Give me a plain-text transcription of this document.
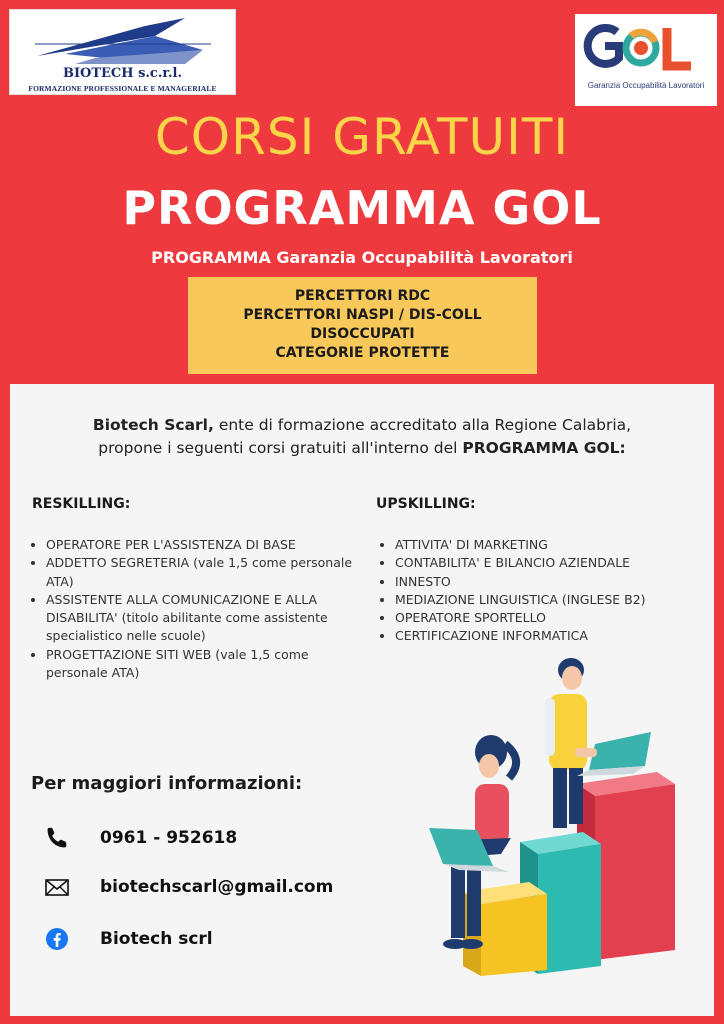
BIOTECH s.c.r.l.
FORMAZIONE PROFESSIONALE E MANAGERIALE	Garanzia Occupabilità Lavoratori
CORSI GRATUITI
PROGRAMMA GOL
PROGRAMMA Garanzia Occupabilità Lavoratori
PERCETTORI RDC
PERCETTORI NASPI / DIS-COLL
DISOCCUPATI
CATEGORIE PROTETTE
Biotech Scarl, ente di formazione accreditato alla Regione Calabria,
propone i seguenti corsi gratuiti all'interno del PROGRAMMA GOL:
RESKILLING:	UPSKILLING:
• OPERATORE PER L'ASSISTENZA DI BASE
• ADDETTO SEGRETERIA (vale 1,5 come personale ATA)
• ASSISTENTE ALLA COMUNICAZIONE E ALLA DISABILITA' (titolo abilitante come assistente specialistico nelle scuole)
• PROGETTAZIONE SITI WEB (vale 1,5 come personale ATA)
• ATTIVITA' DI MARKETING
• CONTABILITA' E BILANCIO AZIENDALE
• INNESTO
• MEDIAZIONE LINGUISTICA (INGLESE B2)
• OPERATORE SPORTELLO
• CERTIFICAZIONE INFORMATICA
Per maggiori informazioni:
0961 - 952618
biotechscarl@gmail.com
Biotech scrl
